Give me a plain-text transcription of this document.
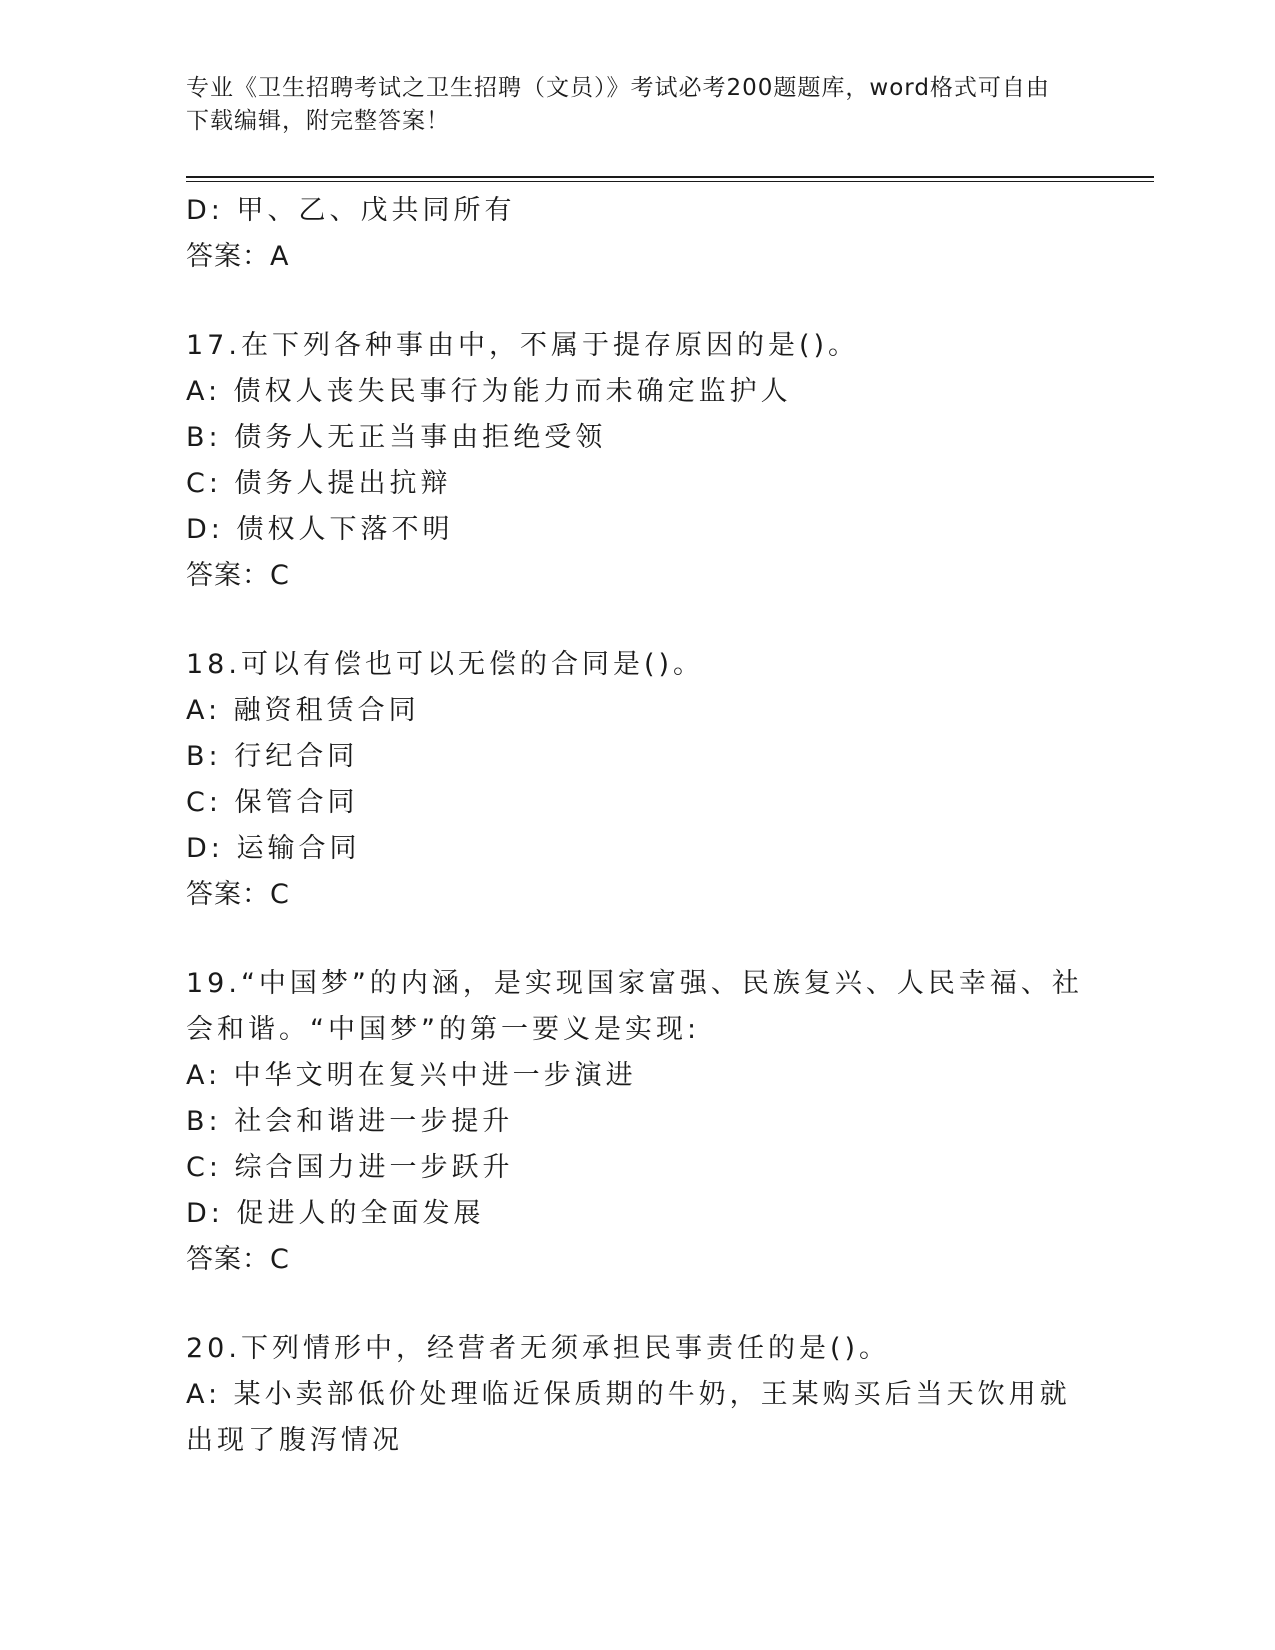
专业《卫生招聘考试之卫生招聘（文员）》考试必考200题题库，word格式可自由下载编辑，附完整答案！
D: 甲、乙、戊共同所有
答案：A
17.在下列各种事由中，不属于提存原因的是()。
A: 债权人丧失民事行为能力而未确定监护人
B: 债务人无正当事由拒绝受领
C: 债务人提出抗辩
D: 债权人下落不明
答案：C
18.可以有偿也可以无偿的合同是()。
A: 融资租赁合同
B: 行纪合同
C: 保管合同
D: 运输合同
答案：C
19.“中国梦”的内涵，是实现国家富强、民族复兴、人民幸福、社会和谐。“中国梦”的第一要义是实现:
A: 中华文明在复兴中进一步演进
B: 社会和谐进一步提升
C: 综合国力进一步跃升
D: 促进人的全面发展
答案：C
20.下列情形中，经营者无须承担民事责任的是()。
A: 某小卖部低价处理临近保质期的牛奶，王某购买后当天饮用就出现了腹泻情况
